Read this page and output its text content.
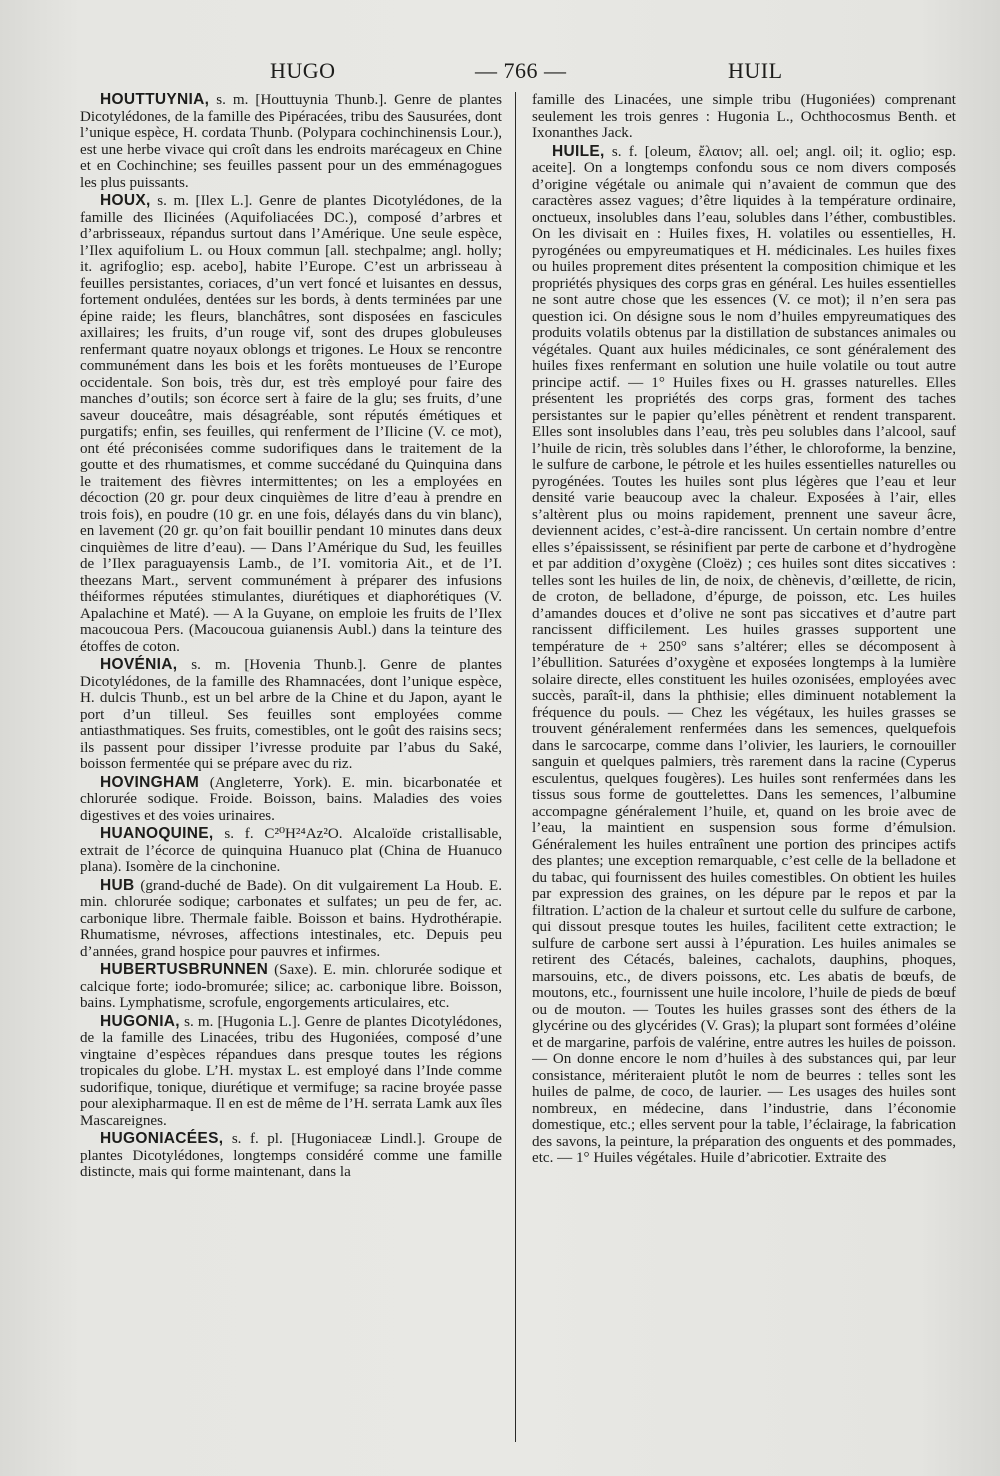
HUGO	— 766 —	HUIL

HOUTTUYNIA, s. m. [Houttuynia Thunb.]. Genre de plantes Dicotylédones, de la famille des Pipéracées, tribu des Sausurées, dont l’unique espèce, H. cordata Thunb. (Polypara cochinchinensis Lour.), est une herbe vivace qui croît dans les endroits marécageux en Chine et en Cochinchine; ses feuilles passent pour un des emménagogues les plus puissants.

HOUX, s. m. [Ilex L.]. Genre de plantes Dicotylédones, de la famille des Ilicinées (Aquifoliacées DC.), composé d’arbres et d’arbrisseaux, répandus surtout dans l’Amérique. Une seule espèce, l’Ilex aquifolium L. ou Houx commun [all. stechpalme; angl. holly; it. agrifoglio; esp. acebo], habite l’Europe. C’est un arbrisseau à feuilles persistantes, coriaces, d’un vert foncé et luisantes en dessus, fortement ondulées, dentées sur les bords, à dents terminées par une épine raide; les fleurs, blanchâtres, sont disposées en fascicules axillaires; les fruits, d’un rouge vif, sont des drupes globuleuses renfermant quatre noyaux oblongs et trigones. Le Houx se rencontre communément dans les bois et les forêts montueuses de l’Europe occidentale. Son bois, très dur, est très employé pour faire des manches d’outils; son écorce sert à faire de la glu; ses fruits, d’une saveur douceâtre, mais désagréable, sont réputés émétiques et purgatifs; enfin, ses feuilles, qui renferment de l’Ilicine (V. ce mot), ont été préconisées comme sudorifiques dans le traitement de la goutte et des rhumatismes, et comme succédané du Quinquina dans le traitement des fièvres intermittentes; on les a employées en décoction (20 gr. pour deux cinquièmes de litre d’eau à prendre en trois fois), en poudre (10 gr. en une fois, délayés dans du vin blanc), en lavement (20 gr. qu’on fait bouillir pendant 10 minutes dans deux cinquièmes de litre d’eau). — Dans l’Amérique du Sud, les feuilles de l’Ilex paraguayensis Lamb., de l’I. vomitoria Ait., et de l’I. theezans Mart., servent communément à préparer des infusions théiformes réputées stimulantes, diurétiques et diaphorétiques (V. Apalachine et Maté). — A la Guyane, on emploie les fruits de l’Ilex macoucoua Pers. (Macoucoua guianensis Aubl.) dans la teinture des étoffes de coton.

HOVÉNIA, s. m. [Hovenia Thunb.]. Genre de plantes Dicotylédones, de la famille des Rhamnacées, dont l’unique espèce, H. dulcis Thunb., est un bel arbre de la Chine et du Japon, ayant le port d’un tilleul. Ses feuilles sont employées comme antiasthmatiques. Ses fruits, comestibles, ont le goût des raisins secs; ils passent pour dissiper l’ivresse produite par l’abus du Saké, boisson fermentée qui se prépare avec du riz.

HOVINGHAM (Angleterre, York). E. min. bicarbonatée et chlorurée sodique. Froide. Boisson, bains. Maladies des voies digestives et des voies urinaires.

HUANOQUINE, s. f. C²⁰H²⁴Az²O. Alcaloïde cristallisable, extrait de l’écorce de quinquina Huanuco plat (China de Huanuco plana). Isomère de la cinchonine.

HUB (grand-duché de Bade). On dit vulgairement La Houb. E. min. chlorurée sodique; carbonates et sulfates; un peu de fer, ac. carbonique libre. Thermale faible. Boisson et bains. Hydrothérapie. Rhumatisme, névroses, affections intestinales, etc. Depuis peu d’années, grand hospice pour pauvres et infirmes.

HUBERTUSBRUNNEN (Saxe). E. min. chlorurée sodique et calcique forte; iodo-bromurée; silice; ac. carbonique libre. Boisson, bains. Lymphatisme, scrofule, engorgements articulaires, etc.

HUGONIA, s. m. [Hugonia L.]. Genre de plantes Dicotylédones, de la famille des Linacées, tribu des Hugoniées, composé d’une vingtaine d’espèces répandues dans presque toutes les régions tropicales du globe. L’H. mystax L. est employé dans l’Inde comme sudorifique, tonique, diurétique et vermifuge; sa racine broyée passe pour alexipharmaque. Il en est de même de l’H. serrata Lamk aux îles Mascareignes.

HUGONIACÉES, s. f. pl. [Hugoniaceæ Lindl.]. Groupe de plantes Dicotylédones, longtemps considéré comme une famille distincte, mais qui forme maintenant, dans la

famille des Linacées, une simple tribu (Hugoniées) comprenant seulement les trois genres : Hugonia L., Ochthocosmus Benth. et Ixonanthes Jack.

HUILE, s. f. [oleum, ἔλαιον; all. oel; angl. oil; it. oglio; esp. aceite]. On a longtemps confondu sous ce nom divers composés d’origine végétale ou animale qui n’avaient de commun que des caractères assez vagues; d’être liquides à la température ordinaire, onctueux, insolubles dans l’eau, solubles dans l’éther, combustibles. On les divisait en : Huiles fixes, H. volatiles ou essentielles, H. pyrogénées ou empyreumatiques et H. médicinales. Les huiles fixes ou huiles proprement dites présentent la composition chimique et les propriétés physiques des corps gras en général. Les huiles essentielles ne sont autre chose que les essences (V. ce mot); il n’en sera pas question ici. On désigne sous le nom d’huiles empyreumatiques des produits volatils obtenus par la distillation de substances animales ou végétales. Quant aux huiles médicinales, ce sont généralement des huiles fixes renfermant en solution une huile volatile ou tout autre principe actif. — 1° Huiles fixes ou H. grasses naturelles. Elles présentent les propriétés des corps gras, forment des taches persistantes sur le papier qu’elles pénètrent et rendent transparent. Elles sont insolubles dans l’eau, très peu solubles dans l’alcool, sauf l’huile de ricin, très solubles dans l’éther, le chloroforme, la benzine, le sulfure de carbone, le pétrole et les huiles essentielles naturelles ou pyrogénées. Toutes les huiles sont plus légères que l’eau et leur densité varie beaucoup avec la chaleur. Exposées à l’air, elles s’altèrent plus ou moins rapidement, prennent une saveur âcre, deviennent acides, c’est-à-dire rancissent. Un certain nombre d’entre elles s’épaississent, se résinifient par perte de carbone et d’hydrogène et par addition d’oxygène (Cloëz) ; ces huiles sont dites siccatives : telles sont les huiles de lin, de noix, de chènevis, d’œillette, de ricin, de croton, de belladone, d’épurge, de poisson, etc. Les huiles d’amandes douces et d’olive ne sont pas siccatives et d’autre part rancissent difficilement. Les huiles grasses supportent une température de + 250° sans s’altérer; elles se décomposent à l’ébullition. Saturées d’oxygène et exposées longtemps à la lumière solaire directe, elles constituent les huiles ozonisées, employées avec succès, paraît-il, dans la phthisie; elles diminuent notablement la fréquence du pouls. — Chez les végétaux, les huiles grasses se trouvent généralement renfermées dans les semences, quelquefois dans le sarcocarpe, comme dans l’olivier, les lauriers, le cornouiller sanguin et quelques palmiers, très rarement dans la racine (Cyperus esculentus, quelques fougères). Les huiles sont renfermées dans les tissus sous forme de gouttelettes. Dans les semences, l’albumine accompagne généralement l’huile, et, quand on les broie avec de l’eau, la maintient en suspension sous forme d’émulsion. Généralement les huiles entraînent une portion des principes actifs des plantes; une exception remarquable, c’est celle de la belladone et du tabac, qui fournissent des huiles comestibles. On obtient les huiles par expression des graines, on les dépure par le repos et par la filtration. L’action de la chaleur et surtout celle du sulfure de carbone, qui dissout presque toutes les huiles, facilitent cette extraction; le sulfure de carbone sert aussi à l’épuration. Les huiles animales se retirent des Cétacés, baleines, cachalots, dauphins, phoques, marsouins, etc., de divers poissons, etc. Les abatis de bœufs, de moutons, etc., fournissent une huile incolore, l’huile de pieds de bœuf ou de mouton. — Toutes les huiles grasses sont des éthers de la glycérine ou des glycérides (V. Gras); la plupart sont formées d’oléine et de margarine, parfois de valérine, entre autres les huiles de poisson. — On donne encore le nom d’huiles à des substances qui, par leur consistance, mériteraient plutôt le nom de beurres : telles sont les huiles de palme, de coco, de laurier. — Les usages des huiles sont nombreux, en médecine, dans l’industrie, dans l’économie domestique, etc.; elles servent pour la table, l’éclairage, la fabrication des savons, la peinture, la préparation des onguents et des pommades, etc. — 1° Huiles végétales. Huile d’abricotier. Extraite des
